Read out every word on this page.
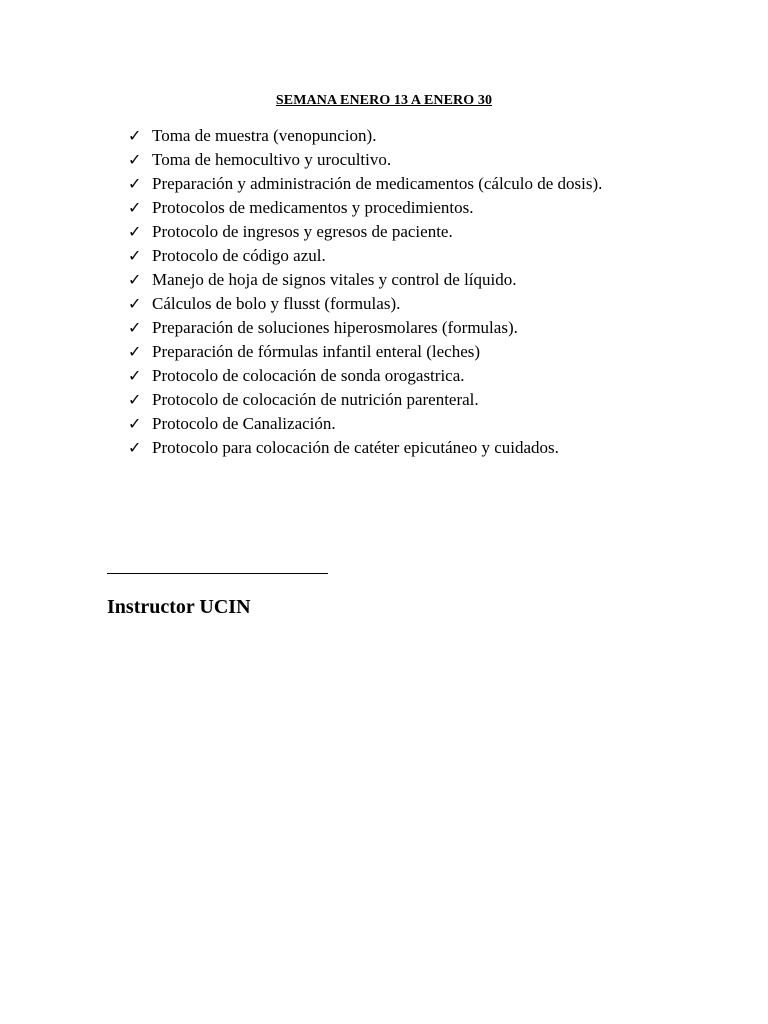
SEMANA ENERO 13 A ENERO 30
✓ Toma de muestra (venopuncion).
✓ Toma de hemocultivo y urocultivo.
✓ Preparación y administración de medicamentos (cálculo de dosis).
✓ Protocolos de medicamentos y procedimientos.
✓ Protocolo de ingresos y egresos de paciente.
✓ Protocolo de código azul.
✓ Manejo de hoja de signos vitales y control de líquido.
✓ Cálculos de bolo y flusst (formulas).
✓ Preparación de soluciones hiperosmolares (formulas).
✓ Preparación de fórmulas infantil enteral (leches)
✓ Protocolo de colocación de sonda orogastrica.
✓ Protocolo de colocación de nutrición parenteral.
✓ Protocolo de Canalización.
✓ Protocolo para colocación de catéter epicutáneo y cuidados.
Instructor UCIN
